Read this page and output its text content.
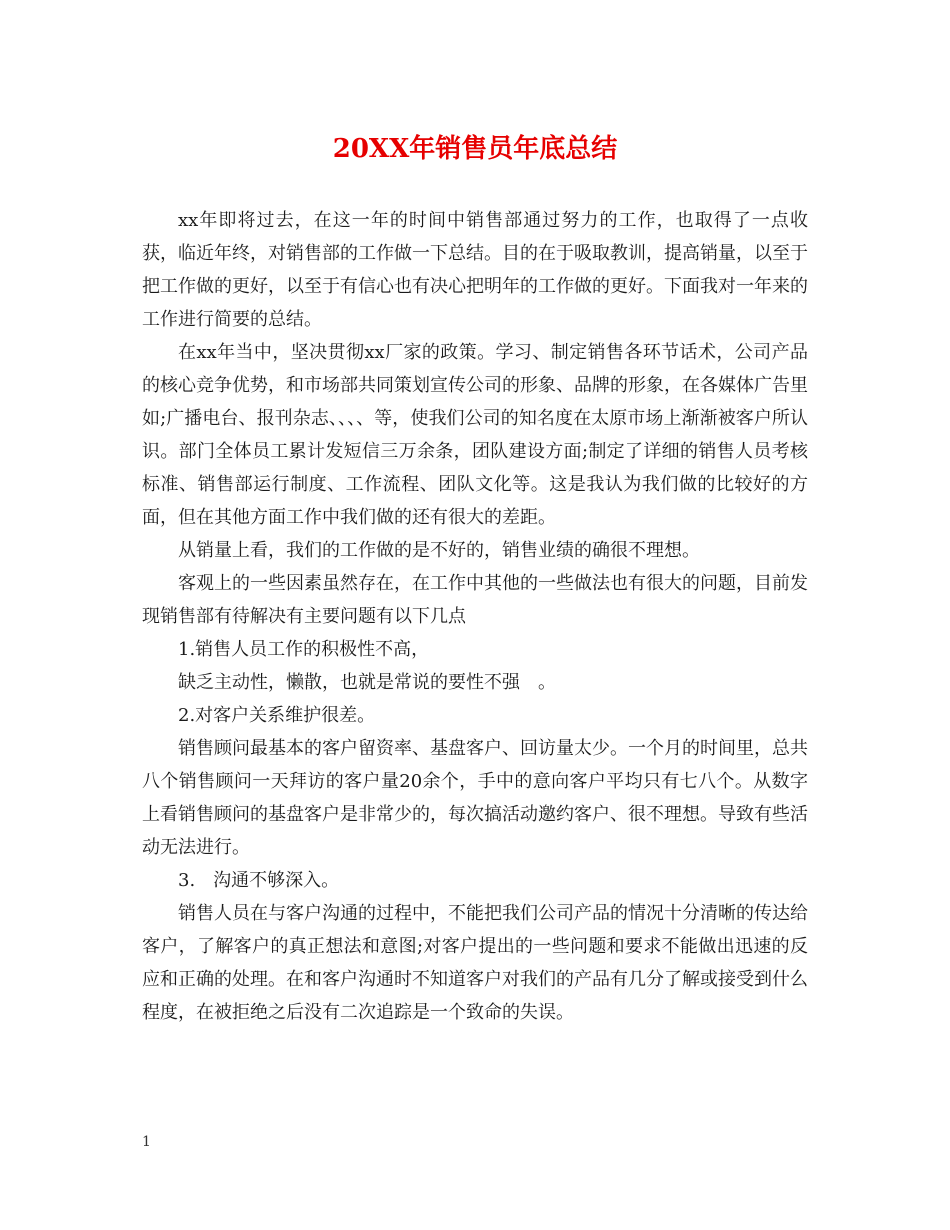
20XX年销售员年底总结

xx年即将过去，在这一年的时间中销售部通过努力的工作，也取得了一点收获，临近年终，对销售部的工作做一下总结。目的在于吸取教训，提高销量，以至于把工作做的更好，以至于有信心也有决心把明年的工作做的更好。下面我对一年来的工作进行简要的总结。

在xx年当中，坚决贯彻xx厂家的政策。学习、制定销售各环节话术，公司产品的核心竞争优势，和市场部共同策划宣传公司的形象、品牌的形象，在各媒体广告里如;广播电台、报刊杂志、、、、等，使我们公司的知名度在太原市场上渐渐被客户所认识。部门全体员工累计发短信三万余条，团队建设方面;制定了详细的销售人员考核标准、销售部运行制度、工作流程、团队文化等。这是我认为我们做的比较好的方面，但在其他方面工作中我们做的还有很大的差距。

从销量上看，我们的工作做的是不好的，销售业绩的确很不理想。

客观上的一些因素虽然存在，在工作中其他的一些做法也有很大的问题，目前发现销售部有待解决有主要问题有以下几点

1.销售人员工作的积极性不高，

缺乏主动性，懒散，也就是常说的要性不强　。

2.对客户关系维护很差。

销售顾问最基本的客户留资率、基盘客户、回访量太少。一个月的时间里，总共八个销售顾问一天拜访的客户量20余个，手中的意向客户平均只有七八个。从数字上看销售顾问的基盘客户是非常少的，每次搞活动邀约客户、很不理想。导致有些活动无法进行。

3.　沟通不够深入。

销售人员在与客户沟通的过程中，不能把我们公司产品的情况十分清晰的传达给客户，了解客户的真正想法和意图;对客户提出的一些问题和要求不能做出迅速的反应和正确的处理。在和客户沟通时不知道客户对我们的产品有几分了解或接受到什么程度，在被拒绝之后没有二次追踪是一个致命的失误。

1
